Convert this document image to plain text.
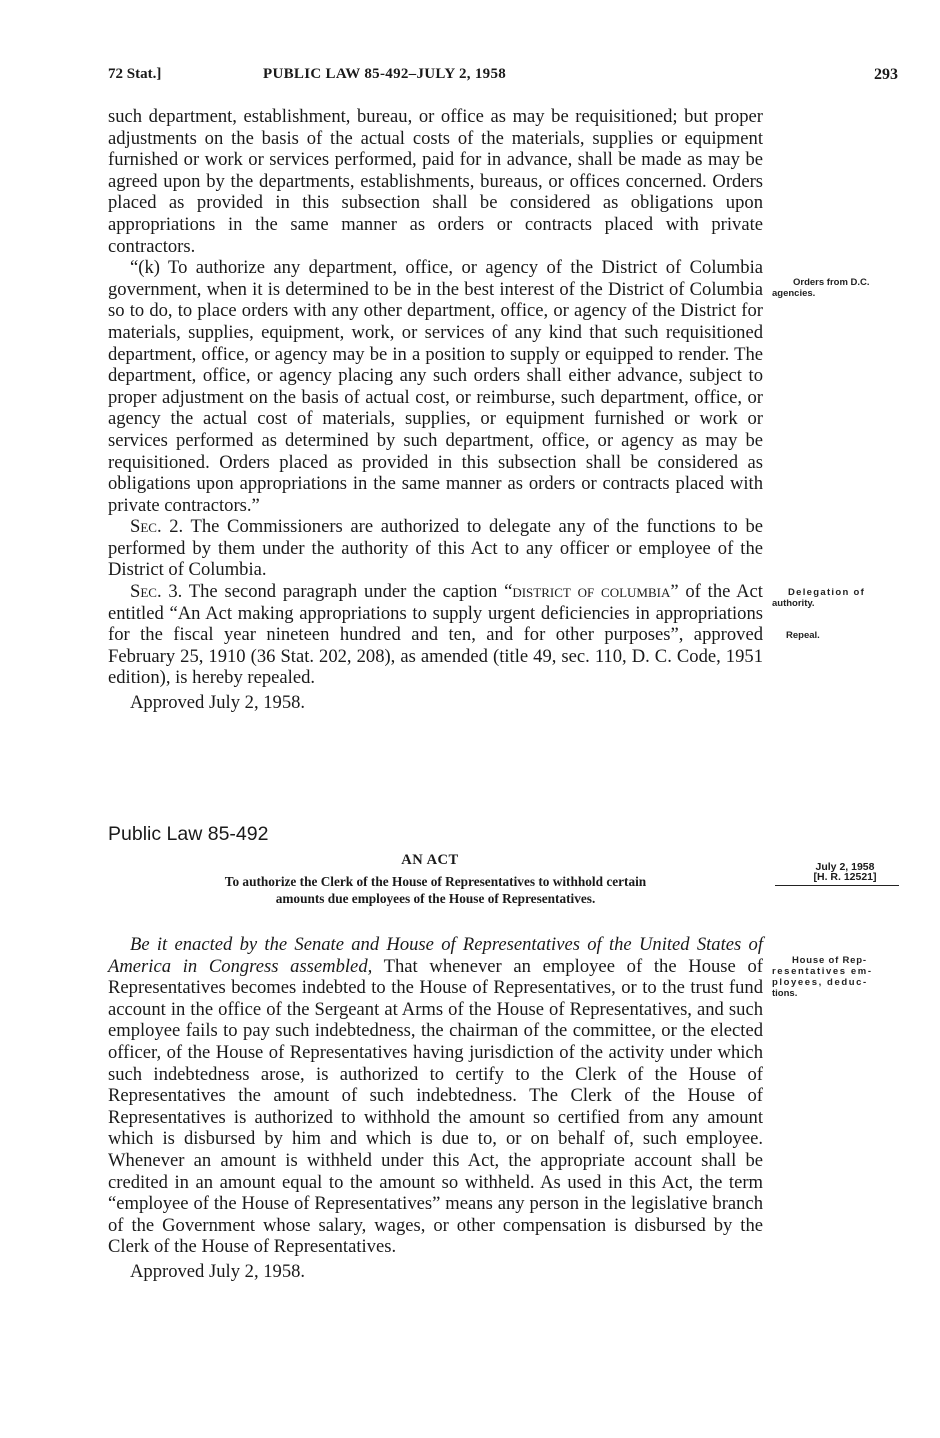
72 Stat.]	PUBLIC LAW 85-492–JULY 2, 1958	293

such department, establishment, bureau, or office as may be requisitioned; but proper adjustments on the basis of the actual costs of the materials, supplies or equipment furnished or work or services performed, paid for in advance, shall be made as may be agreed upon by the departments, establishments, bureaus, or offices concerned. Orders placed as provided in this subsection shall be considered as obligations upon appropriations in the same manner as orders or contracts placed with private contractors.

“(k) To authorize any department, office, or agency of the District of Columbia government, when it is determined to be in the best interest of the District of Columbia so to do, to place orders with any other department, office, or agency of the District for materials, supplies, equipment, work, or services of any kind that such requisitioned department, office, or agency may be in a position to supply or equipped to render. The department, office, or agency placing any such orders shall either advance, subject to proper adjustment on the basis of actual cost, or reimburse, such department, office, or agency the actual cost of materials, supplies, or equipment furnished or work or services performed as determined by such department, office, or agency as may be requisitioned. Orders placed as provided in this subsection shall be considered as obligations upon appropriations in the same manner as orders or contracts placed with private contractors.”

Sec. 2. The Commissioners are authorized to delegate any of the functions to be performed by them under the authority of this Act to any officer or employee of the District of Columbia.

Sec. 3. The second paragraph under the caption “district of columbia” of the Act entitled “An Act making appropriations to supply urgent deficiencies in appropriations for the fiscal year nineteen hundred and ten, and for other purposes”, approved February 25, 1910 (36 Stat. 202, 208), as amended (title 49, sec. 110, D. C. Code, 1951 edition), is hereby repealed.

Approved July 2, 1958.

Public Law 85-492
AN ACT
To authorize the Clerk of the House of Representatives to withhold certain
amounts due employees of the House of Representatives.

Be it enacted by the Senate and House of Representatives of the United States of America in Congress assembled, That whenever an employee of the House of Representatives becomes indebted to the House of Representatives, or to the trust fund account in the office of the Sergeant at Arms of the House of Representatives, and such employee fails to pay such indebtedness, the chairman of the committee, or the elected officer, of the House of Representatives having jurisdiction of the activity under which such indebtedness arose, is authorized to certify to the Clerk of the House of Representatives the amount of such indebtedness. The Clerk of the House of Representatives is authorized to withhold the amount so certified from any amount which is disbursed by him and which is due to, or on behalf of, such employee. Whenever an amount is withheld under this Act, the appropriate account shall be credited in an amount equal to the amount so withheld. As used in this Act, the term “employee of the House of Representatives” means any person in the legislative branch of the Government whose salary, wages, or other compensation is disbursed by the Clerk of the House of Representatives.

Approved July 2, 1958.

Orders from D.C.
agencies.
Delegation of
authority.
Repeal.
House of Rep-
resentatives em-
ployees, deduc-
tions.
July 2, 1958
[H. R. 12521]
